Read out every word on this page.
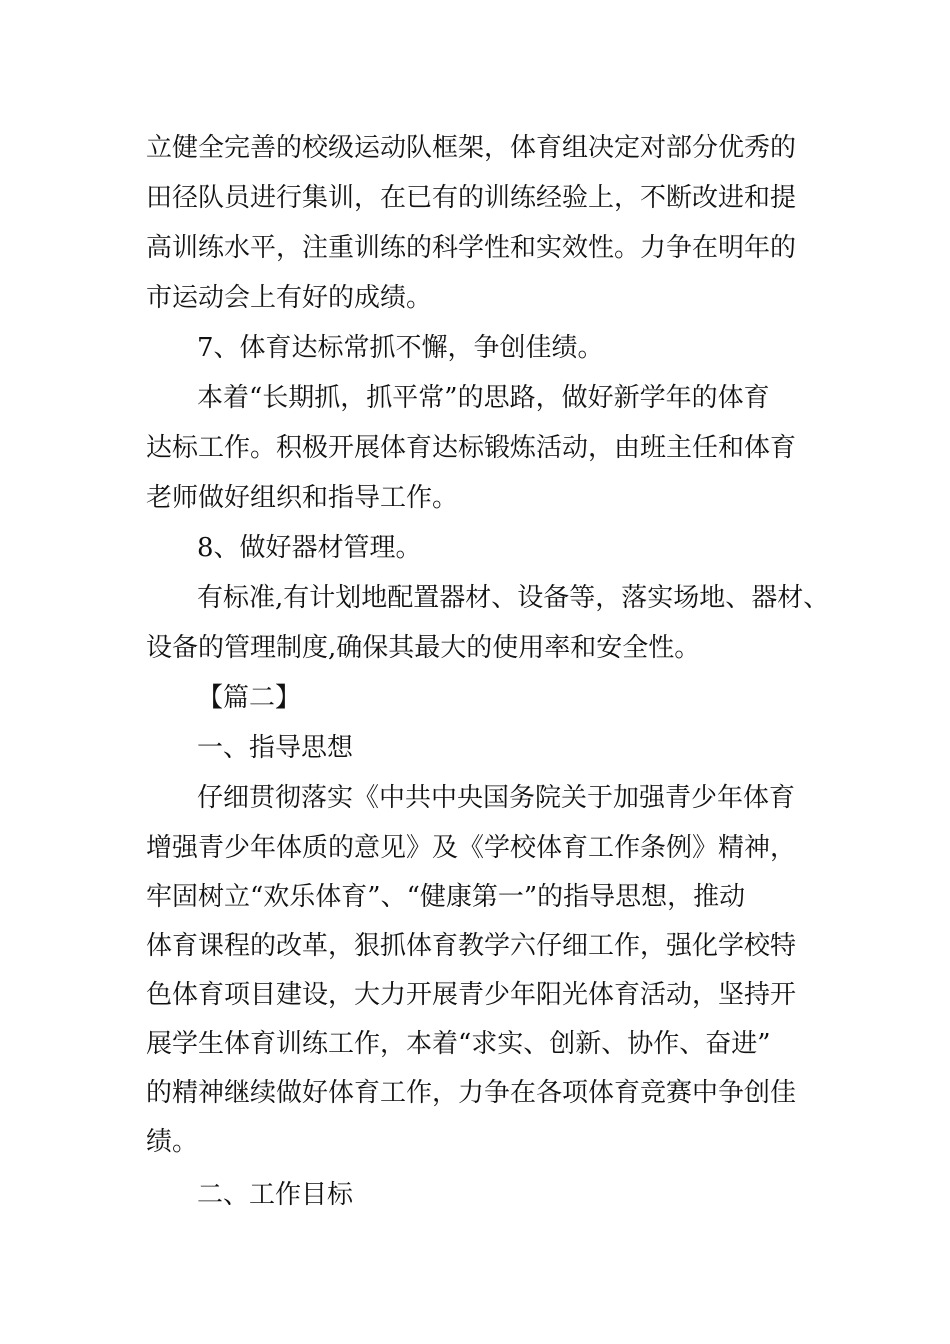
立健全完善的校级运动队框架，体育组决定对部分优秀的
田径队员进行集训，在已有的训练经验上，不断改进和提
高训练水平，注重训练的科学性和实效性。力争在明年的
市运动会上有好的成绩。
7、体育达标常抓不懈，争创佳绩。
本着“长期抓，抓平常”的思路，做好新学年的体育
达标工作。积极开展体育达标锻炼活动，由班主任和体育
老师做好组织和指导工作。
8、做好器材管理。
有标准,有计划地配置器材、设备等，落实场地、器材、
设备的管理制度,确保其最大的使用率和安全性。
【篇二】
一、指导思想
仔细贯彻落实《中共中央国务院关于加强青少年体育
增强青少年体质的意见》及《学校体育工作条例》精神，
牢固树立“欢乐体育”、“健康第一”的指导思想，推动
体育课程的改革，狠抓体育教学六仔细工作，强化学校特
色体育项目建设，大力开展青少年阳光体育活动，坚持开
展学生体育训练工作，本着“求实、创新、协作、奋进”
的精神继续做好体育工作，力争在各项体育竞赛中争创佳
绩。
二、工作目标
